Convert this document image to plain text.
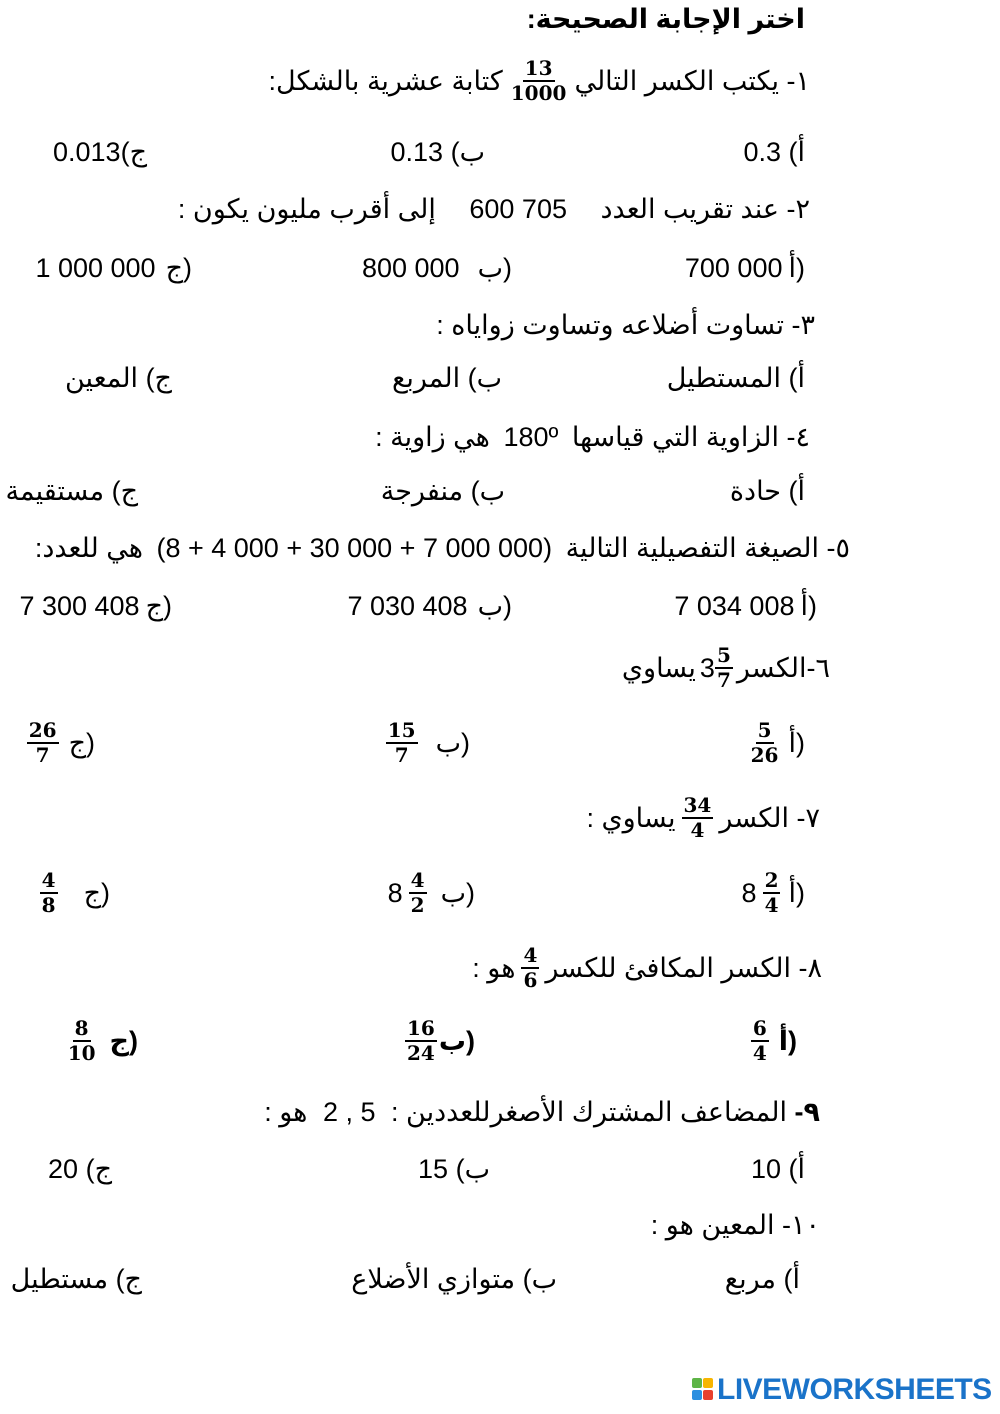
اختر الإجابة الصحيحة:
١- يكتب الكسر التالي
$\frac{13}{1000}$
كتابة عشرية بالشكل:
أ) 0.3
ب) 0.13
ج)0.013
٢- عند تقريب العدد 600 705 إلى أقرب مليون يكون :
700 000 أ)
800 000 ب)
1 000 000 ج)
٣- تساوت أضلاعه وتساوت زواياه :
أ) المستطيل
ب) المربع
ج) المعين
٤- الزاوية التي قياسها 180º هي زاوية :
أ) حادة
ب) منفرجة
ج) مستقيمة
٥- الصيغة التفصيلية التالية (8 + 4 000 + 30 000 + 7 000 000) هي للعدد:
7 034 008 أ)
7 030 408 ب)
7 300 408 ج)
٦-الكسر
$3 \frac{5}{7}$
يساوي
$\frac{5}{26}$ أ)
$\frac{15}{7}$ ب)
$\frac{26}{7}$ ج)
٧- الكسر
$\frac{34}{4}$
يساوي :
$8 \frac{2}{4}$ أ)
$8 \frac{4}{2}$ ب)
$\frac{4}{8}$ ج)
٨- الكسر المكافئ للكسر
$\frac{4}{6}$
هو :
$\frac{6}{4}$ أ)
$\frac{16}{24}$ ب)
$\frac{8}{10}$ ج)
٩- المضاعف المشترك الأصغرللعددين : 2 , 5 هو :
أ) 10
ب) 15
ج) 20
١٠- المعين هو :
أ) مربع
ب) متوازي الأضلاع
ج) مستطيل
LIVEWORKSHEETS
